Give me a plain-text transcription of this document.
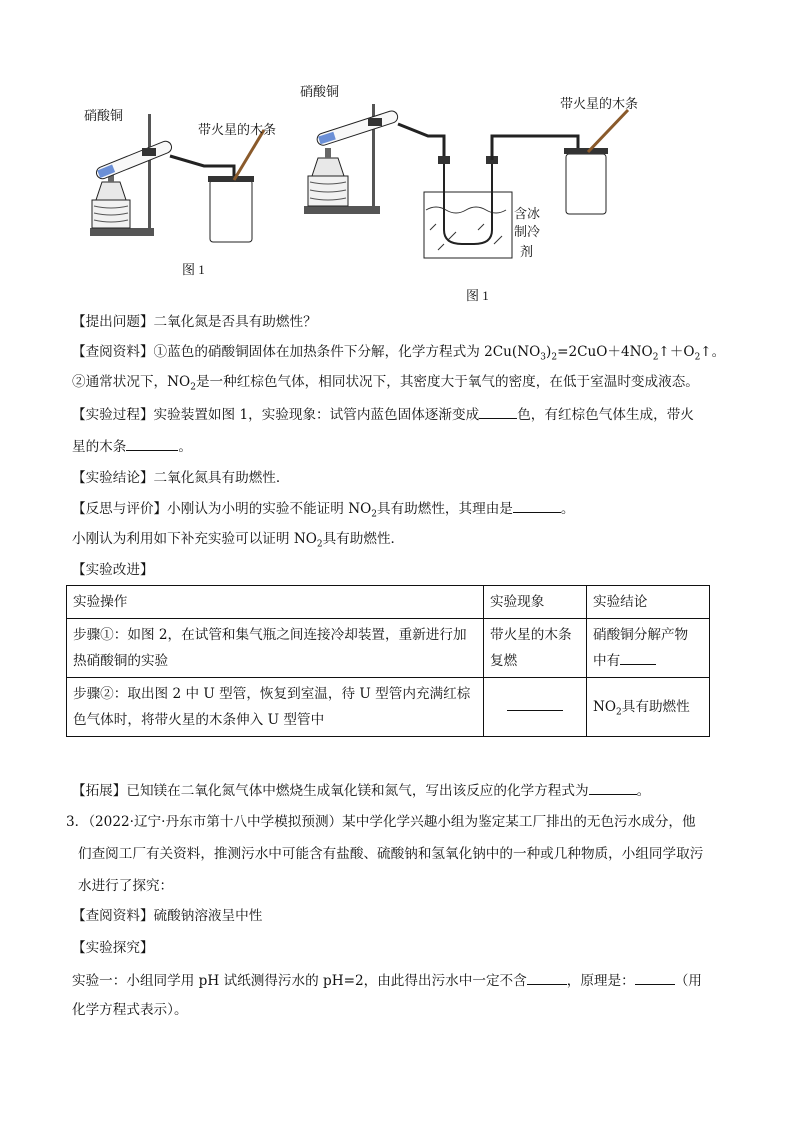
硝酸铜
带火星的木条
图 1
硝酸铜
带火星的木条
含冰
制冷
剂
图 1
【提出问题】二氧化氮是否具有助燃性？
【查阅资料】①蓝色的硝酸铜固体在加热条件下分解，化学方程式为 $2Cu(NO_3)_2=2CuO+4NO_2↑+O_2↑$。
②通常状况下，$NO_2$是一种红棕色气体，相同状况下，其密度大于氧气的密度，在低于室温时变成液态。
【实验过程】实验装置如图 1，实验现象：试管内蓝色固体逐渐变成	色，有红棕色气体生成，带火
星的木条	。
【实验结论】二氧化氮具有助燃性．
【反思与评价】小刚认为小明的实验不能证明 $NO_2$具有助燃性，其理由是	。
小刚认为利用如下补充实验可以证明 $NO_2$具有助燃性．
【实验改进】
实验操作	实验现象	实验结论
步骤①：如图 2，在试管和集气瓶之间连接冷却装置，重新进行加
热硝酸铜的实验	带火星的木条
复燃	硝酸铜分解产物
中有
步骤②：取出图 2 中 U 型管，恢复到室温，待 U 型管内充满红棕
色气体时，将带火星的木条伸入 U 型管中		$NO_2$具有助燃性
【拓展】已知镁在二氧化氮气体中燃烧生成氧化镁和氮气，写出该反应的化学方程式为	。
3．（2022·辽宁·丹东市第十八中学模拟预测）某中学化学兴趣小组为鉴定某工厂排出的无色污水成分，他
们查阅工厂有关资料，推测污水中可能含有盐酸、硫酸钠和氢氧化钠中的一种或几种物质，小组同学取污
水进行了探究：
【查阅资料】硫酸钠溶液呈中性
【实验探究】
实验一：小组同学用 pH 试纸测得污水的 pH=2，由此得出污水中一定不含	，原理是：	（用
化学方程式表示）。
